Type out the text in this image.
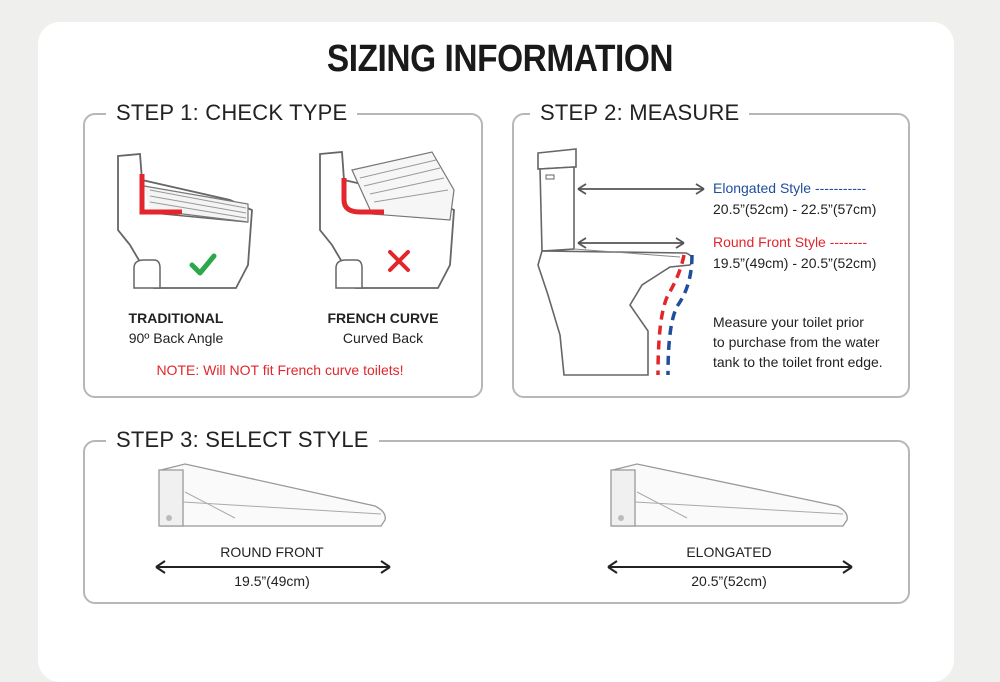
SIZING INFORMATION
STEP 1: CHECK TYPE
TRADITIONAL
90º Back Angle
FRENCH CURVE
Curved Back
NOTE: Will NOT fit French curve toilets!
STEP 2: MEASURE
Elongated Style -----------
20.5”(52cm) - 22.5”(57cm)
Round Front Style --------
19.5”(49cm) - 20.5”(52cm)
Measure your toilet prior
to purchase from the water
tank to the toilet front edge.
STEP 3: SELECT STYLE
ROUND FRONT
19.5”(49cm)
ELONGATED
20.5”(52cm)
